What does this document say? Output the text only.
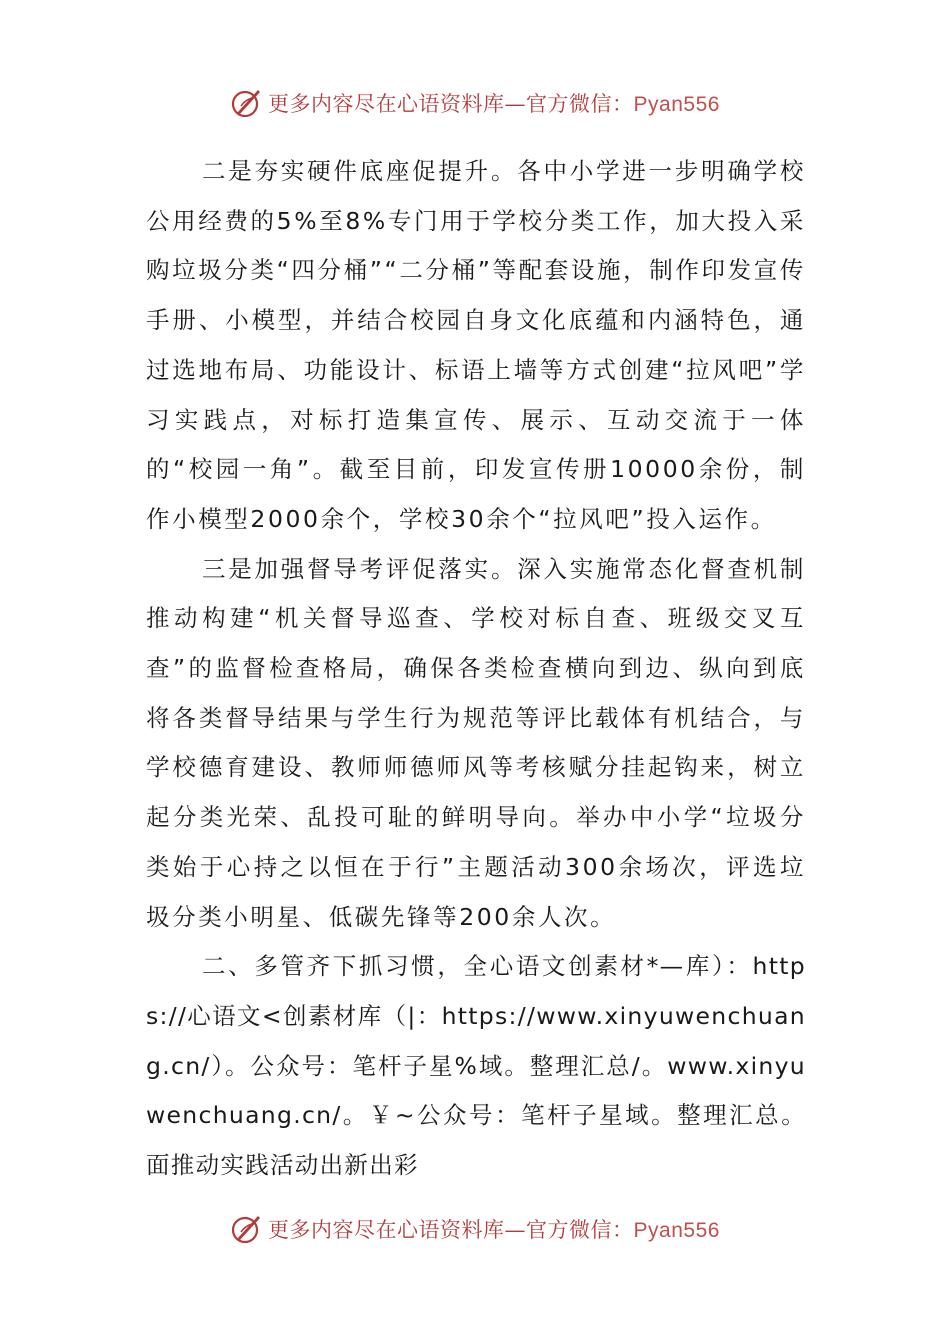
更多内容尽在心语资料库—官方微信：Pyan556

二是夯实硬件底座促提升。各中小学进一步明确学校公用经费的5%至8%专门用于学校分类工作，加大投入采购垃圾分类“四分桶”“二分桶”等配套设施，制作印发宣传手册、小模型，并结合校园自身文化底蕴和内涵特色，通过选地布局、功能设计、标语上墙等方式创建“拉风吧”学习实践点，对标打造集宣传、展示、互动交流于一体的“校园一角”。截至目前，印发宣传册10000余份，制作小模型2000余个，学校30余个“拉风吧”投入运作。

三是加强督导考评促落实。深入实施常态化督查机制推动构建“机关督导巡查、学校对标自查、班级交叉互查”的监督检查格局，确保各类检查横向到边、纵向到底将各类督导结果与学生行为规范等评比载体有机结合，与学校德育建设、教师师德师风等考核赋分挂起钩来，树立起分类光荣、乱投可耻的鲜明导向。举办中小学“垃圾分类始于心持之以恒在于行”主题活动300余场次，评选垃圾分类小明星、低碳先锋等200余人次。

二、多管齐下抓习惯，全心语文创素材*—库）：https://心语文<创素材库（|：https://www.xinyuwenchuang.cn/）。公众号：笔杆子星%域。整理汇总/。www.xinyuwenchuang.cn/。￥~公众号：笔杆子星域。整理汇总。面推动实践活动出新出彩

更多内容尽在心语资料库—官方微信：Pyan556
